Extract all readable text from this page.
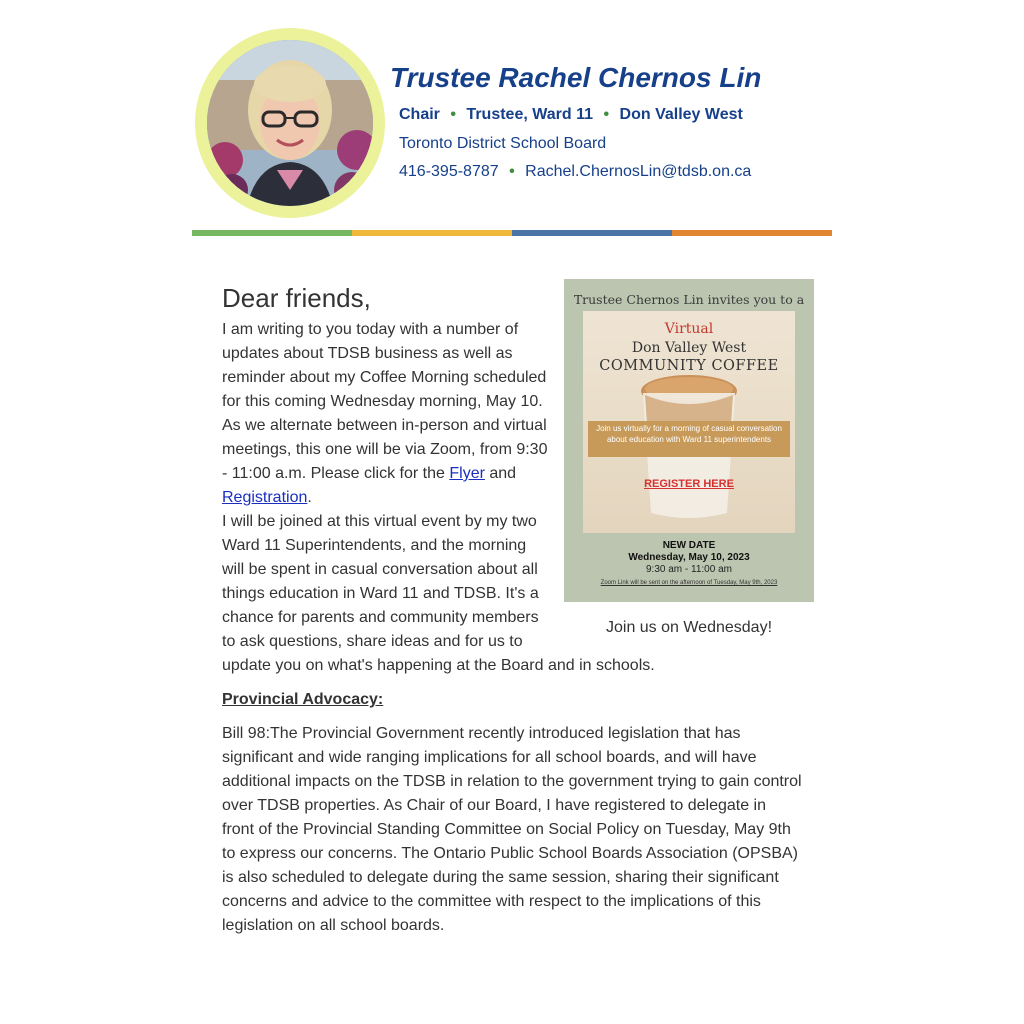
Trustee Rachel Chernos Lin
Chair • Trustee, Ward 11 • Don Valley West
Toronto District School Board
416-395-8787 • Rachel.ChernosLin@tdsb.on.ca
Trustee Chernos Lin invites you to a
Virtual
Don Valley West
COMMUNITY COFFEE
Join us virtually for a morning of casual conversation about education with Ward 11 superintendents
REGISTER HERE
NEW DATE
Wednesday, May 10, 2023
9:30 am - 11:00 am
Zoom Link will be sent on the afternoon of Tuesday, May 9th, 2023
Join us on Wednesday!
Dear friends,

I am writing to you today with a number of updates about TDSB business as well as reminder about my Coffee Morning scheduled for this coming Wednesday morning, May 10. As we alternate between in-person and virtual meetings, this one will be via Zoom, from 9:30 - 11:00 a.m. Please click for the Flyer and Registration.

I will be joined at this virtual event by my two Ward 11 Superintendents, and the morning will be spent in casual conversation about all things education in Ward 11 and TDSB. It's a chance for parents and community members to ask questions, share ideas and for us to update you on what's happening at the Board and in schools.

Provincial Advocacy:

Bill 98:The Provincial Government recently introduced legislation that has significant and wide ranging implications for all school boards, and will have additional impacts on the TDSB in relation to the government trying to gain control over TDSB properties. As Chair of our Board, I have registered to delegate in front of the Provincial Standing Committee on Social Policy on Tuesday, May 9th to express our concerns. The Ontario Public School Boards Association (OPSBA) is also scheduled to delegate during the same session, sharing their significant concerns and advice to the committee with respect to the implications of this legislation on all school boards.
